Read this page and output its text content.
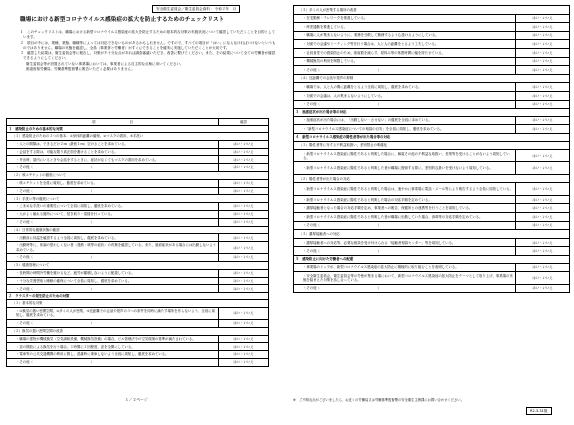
安全衛生委員会／衛生委員会資料 ：令和２年　月
職場における新型コロナウイルス感染症の拡大を防止するためのチェックリスト

１　このチェックリストは、職場における新型コロナウイルス感染症の拡大を防止するための基本的な対策の実施状況について確認していただくことを目的としています。

２　項目の中には、業種、業態、職種等によっては対応できないものがあるかもしれません。ですので、すべての項目が「はい」にならなければいけないというものではありません。職場の実態を確認し、全員（事業者と労働者）がすぐにできることを確実に実施していただくことが大切です。

３　確認した結果は、衛生委員会等に報告し、対策が不十分な点があれば調査審議いただき、改善に繋げてください。また、その結果について全ての労働者が確認できるようにしてください。

衛生委員会等が設置されていない事業場においては、事業者による自主的な点検に用いてください。

都道府県労働局、労働基準監督署に報告いただく必要はありません。

項　　　　　　　　　　目	確認
１　感染防止のための基本的な対策	
（１）感染防止のための３つの基本：①身体的距離の確保、②マスクの着用、③手洗い	
・人との間隔は、できるだけ２ｍ（最低１ｍ）空けることを求めている。	はい・いいえ
・会話をする際は、可能な限り真正面を避けることを求めている。	はい・いいえ
・外出時、屋内にいるときや会話をするときに、症状がなくてもマスクの着用を求めている。	はい・いいえ
・その他（　　　　　　　　　　　　　　　　　）	はい・いいえ
（２）咳エチケットの徹底について	
・咳エチケットを全員に周知し、徹底を求めている。	はい・いいえ
・その他（　　　　　　　　　　　　　　　　　）	はい・いいえ
（３）手洗い等の徹底について	
・こまめな手洗いの重要性について全員に周知し、徹底を求めている。	はい・いいえ
・人がよく触れる箇所について、拭き取り・清掃を行っている。	はい・いいえ
・その他（　　　　　　　　　　　　　　　　　）	はい・いいえ
（４）日常的な健康状態の確認	
・出勤前に体温を確認するよう全員に周知し、徹底を求めている。	はい・いいえ
・出勤時等に、体調の思わしくない者（発熱・咳等の症状）の有無を確認している。また、風邪症状がある場合には出勤しないよう求めている。	はい・いいえ
・その他（　　　　　　　　　　　　　　　　　）	はい・いいえ
（５）健康管理について	
・長時間の時間外労働を避けるなど、疲労が蓄積しないように配慮している。	はい・いいえ
・十分な栄養摂取と睡眠の確保について全員に周知し、徹底を求めている。	はい・いいえ
・その他（　　　　　　　　　　　　　　　　　）	はい・いいえ
２　クラスターの発生防止のための対策	
（１）基本的な対策	
・①換気の悪い密閉空間、②多くの人が密集、③近距離での会話や発声の３つの条件を同時に満たす場所を作らないよう、全員に周知し、徹底を求めている。	はい・いいえ
・その他（　　　　　　　　　　　　　　　　　）	はい・いいえ
（２）換気の悪い密閉空間の改善	
・職場の建物が機械換気（空気調和設備、機械換気設備）の場合、ビル管理法令の空気環境の基準が満たされている。	はい・いいえ
・窓の開放による換気を行う場合、１時間に２回程度、窓を全開にしている。	はい・いいえ
・電車等の公共交通機関の利用に際し、混雑時に乗車しないよう全員に周知し、徹底を求めている。	はい・いいえ
・その他（　　　　　　　　　　　　　　　　　）	はい・いいえ
１／２ページ
（３）多くの人が密集する場所の改善	
・在宅勤務・テレワークを推進している。	はい・いいえ
・時差通勤を推進している。	はい・いいえ
・職場に人が集まらないように、業務を分散して勤務するよう心掛けるようにしている。	はい・いいえ
・対面での会議やミーティング等を行う場合は、人と人の距離をとるよう工夫している。	はい・いいえ
・社員食堂での感染防止のため、座席数を減らす、昼休み等の休憩時間に幅を持たせている。	はい・いいえ
・機械換気の利用を制限している。	はい・いいえ
・その他（　　　　　　　　　　　　　　　　　）	はい・いいえ
（４）近距離での会話や発声の抑制	
・職場では、人と人の間に距離をとるよう全員に周知し、徹底を求めている。	はい・いいえ
・対面での会議は、人の集まらないようにしている。	はい・いいえ
・その他（　　　　　　　　　　　　　　　　　）	はい・いいえ
３　風邪症状が出た場合等の対応	
・風邪症状が出た場合には、「出勤しない・させない」の徹底を全員に求めている。	はい・いいえ
・「新型コロナウイルス感染症についての相談の目安」を全員に周知し、徹底を求めている。	はい・いいえ
４　新型コロナウイルス感染症の陽性者等が出た場合等の対応	
（１）陽性者等に対する不利益取扱い、差別禁止の明確化	
・新型コロナウイルス感染症に陽性であると判明した場合に、解雇その他の不利益な取扱い、差別等を受けることがないよう周知している。	はい・いいえ
・新型コロナウイルス感染症に陽性であると判明した者が職場に復帰する際に、差別的な扱いを受けないよう周知している。	はい・いいえ
（２）陽性者等が出た場合の対応	
・新型コロナウイルス感染症に陽性であると判明した場合は、速やかに事業場に電話・メール等により報告するよう全員に周知している。	はい・いいえ
・新型コロナウイルス感染症に陽性であると判明した場合の対応手順を定めている。	はい・いいえ
・濃厚接触者となった場合の対応手順を定め、事業者への報告、保健所との連携等を行うことを周知している。	はい・いいえ
・新型コロナウイルス感染症に陽性であると判明した者が職場に出勤していた場合、消毒等の対応手順を定めている。	はい・いいえ
・その他（　　　　　　　　　　　　　　　　　）	はい・いいえ
（３）濃厚接触者への対応	
・濃厚接触者への対応等、必要な相談を受け付けられる「接触者相談センター」等を周知している。	はい・いいえ
・その他（　　　　　　　　　　　　　　　　　）	はい・いいえ
５　感染防止に向けた労働者への配慮	
・事業場のトップが、新型コロナウイルス感染症の拡大防止に積極的に取り組むことを表明している。	はい・いいえ
・安全衛生委員会、衛生委員会等の労使が集まる場において、新型コロナウイルス感染症の拡大防止をテーマとして取り上げ、事業場の実態を踏まえた対策を話し合っている。	はい・いいえ
・その他（　　　　　　　　　　　　　　　　　）	はい・いいえ
※　ご不明な点がございましたら、お近くの労働局又は労働基準監督署の安全衛生主務課にお問い合わせください。
R2.3.31版
